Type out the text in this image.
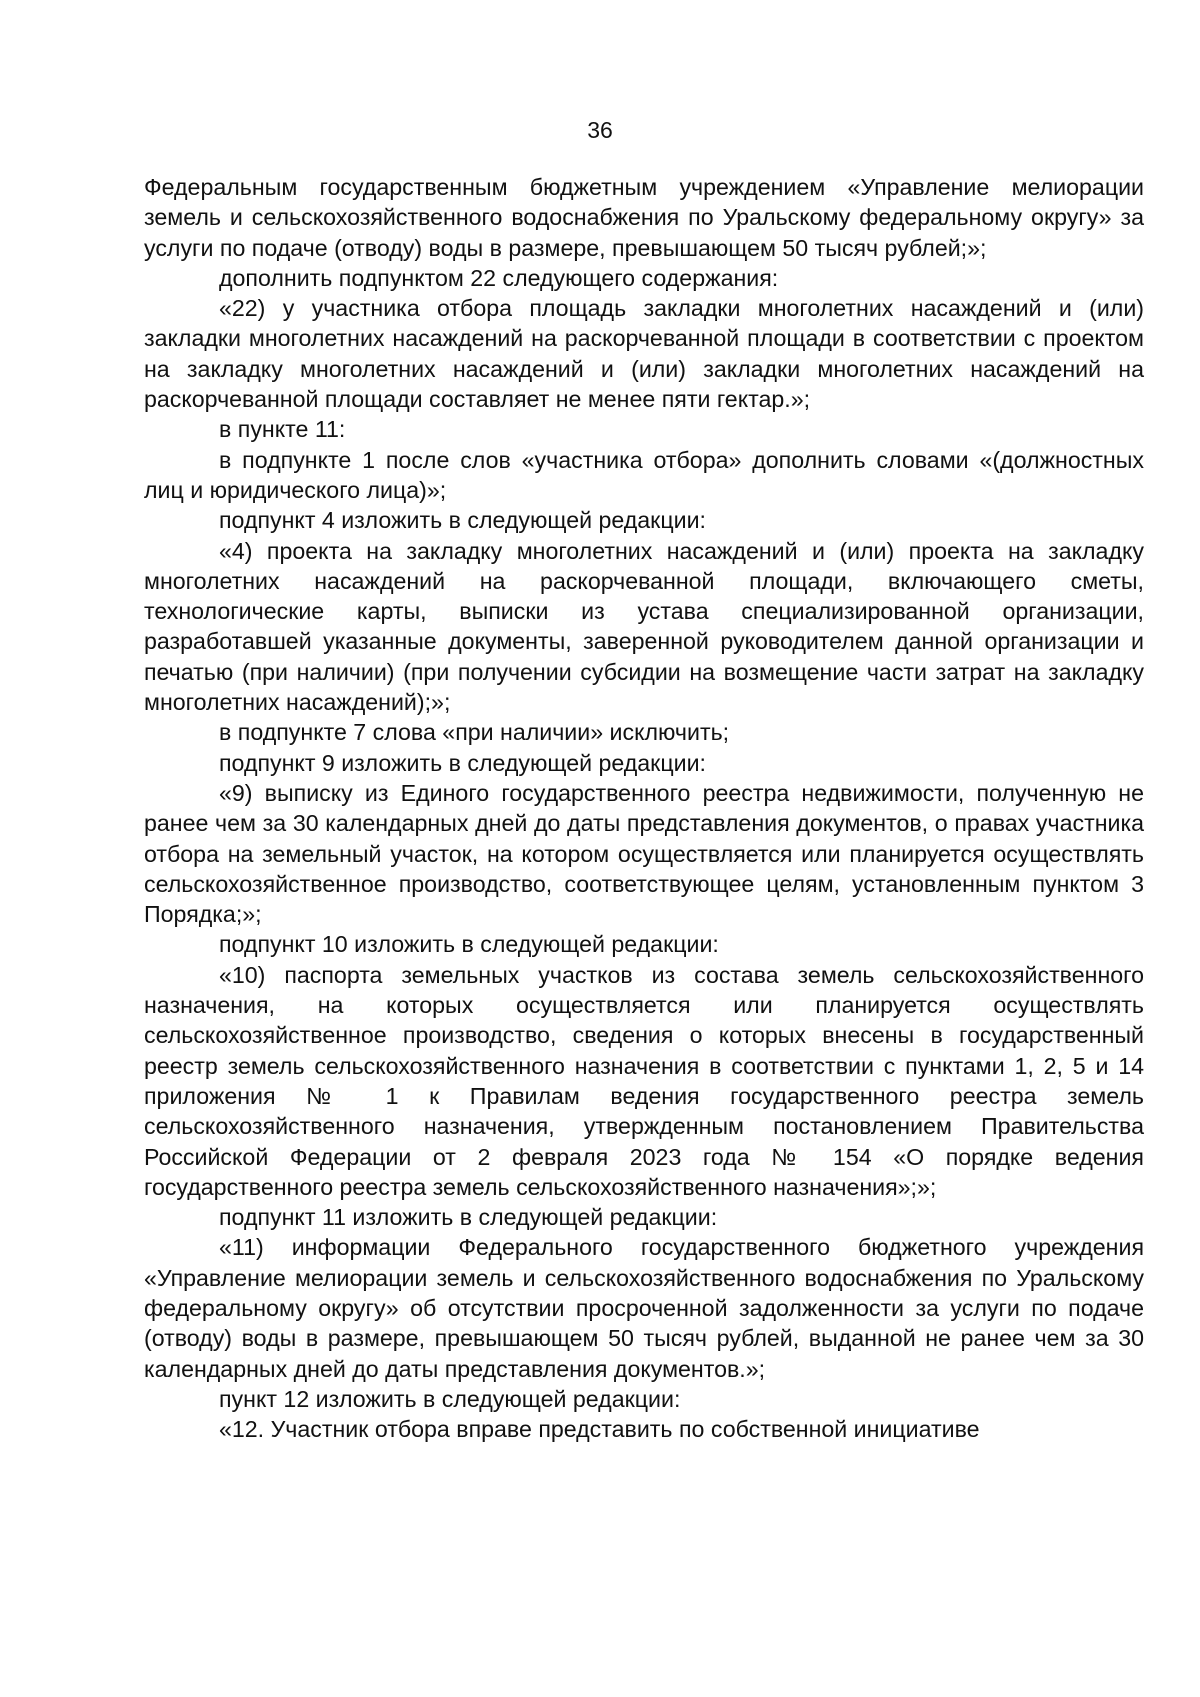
36

Федеральным государственным бюджетным учреждением «Управление мелиорации земель и сельскохозяйственного водоснабжения по Уральскому федеральному округу» за услуги по подаче (отводу) воды в размере, превышающем 50 тысяч рублей;»;

дополнить подпунктом 22 следующего содержания:

«22) у участника отбора площадь закладки многолетних насаждений и (или) закладки многолетних насаждений на раскорчеванной площади в соответствии с проектом на закладку многолетних насаждений и (или) закладки многолетних насаждений на раскорчеванной площади составляет не менее пяти гектар.»;

в пункте 11:

в подпункте 1 после слов «участника отбора» дополнить словами «(должностных лиц и юридического лица)»;

подпункт 4 изложить в следующей редакции:

«4) проекта на закладку многолетних насаждений и (или) проекта на закладку многолетних насаждений на раскорчеванной площади, включающего сметы, технологические карты, выписки из устава специализированной организации, разработавшей указанные документы, заверенной руководителем данной организации и печатью (при наличии) (при получении субсидии на возмещение части затрат на закладку многолетних насаждений);»;

в подпункте 7 слова «при наличии» исключить;

подпункт 9 изложить в следующей редакции:

«9) выписку из Единого государственного реестра недвижимости, полученную не ранее чем за 30 календарных дней до даты представления документов, о правах участника отбора на земельный участок, на котором осуществляется или планируется осуществлять сельскохозяйственное производство, соответствующее целям, установленным пунктом 3 Порядка;»;

подпункт 10 изложить в следующей редакции:

«10) паспорта земельных участков из состава земель сельскохозяйственного назначения, на которых осуществляется или планируется осуществлять сельскохозяйственное производство, сведения о которых внесены в государственный реестр земель сельскохозяйственного назначения в соответствии с пунктами 1, 2, 5 и 14 приложения № 1 к Правилам ведения государственного реестра земель сельскохозяйственного назначения, утвержденным постановлением Правительства Российской Федерации от 2 февраля 2023 года № 154 «О порядке ведения государственного реестра земель сельскохозяйственного назначения»;»;

подпункт 11 изложить в следующей редакции:

«11) информации Федерального государственного бюджетного учреждения «Управление мелиорации земель и сельскохозяйственного водоснабжения по Уральскому федеральному округу» об отсутствии просроченной задолженности за услуги по подаче (отводу) воды в размере, превышающем 50 тысяч рублей, выданной не ранее чем за 30 календарных дней до даты представления документов.»;

пункт 12 изложить в следующей редакции:

«12. Участник отбора вправе представить по собственной инициативе
